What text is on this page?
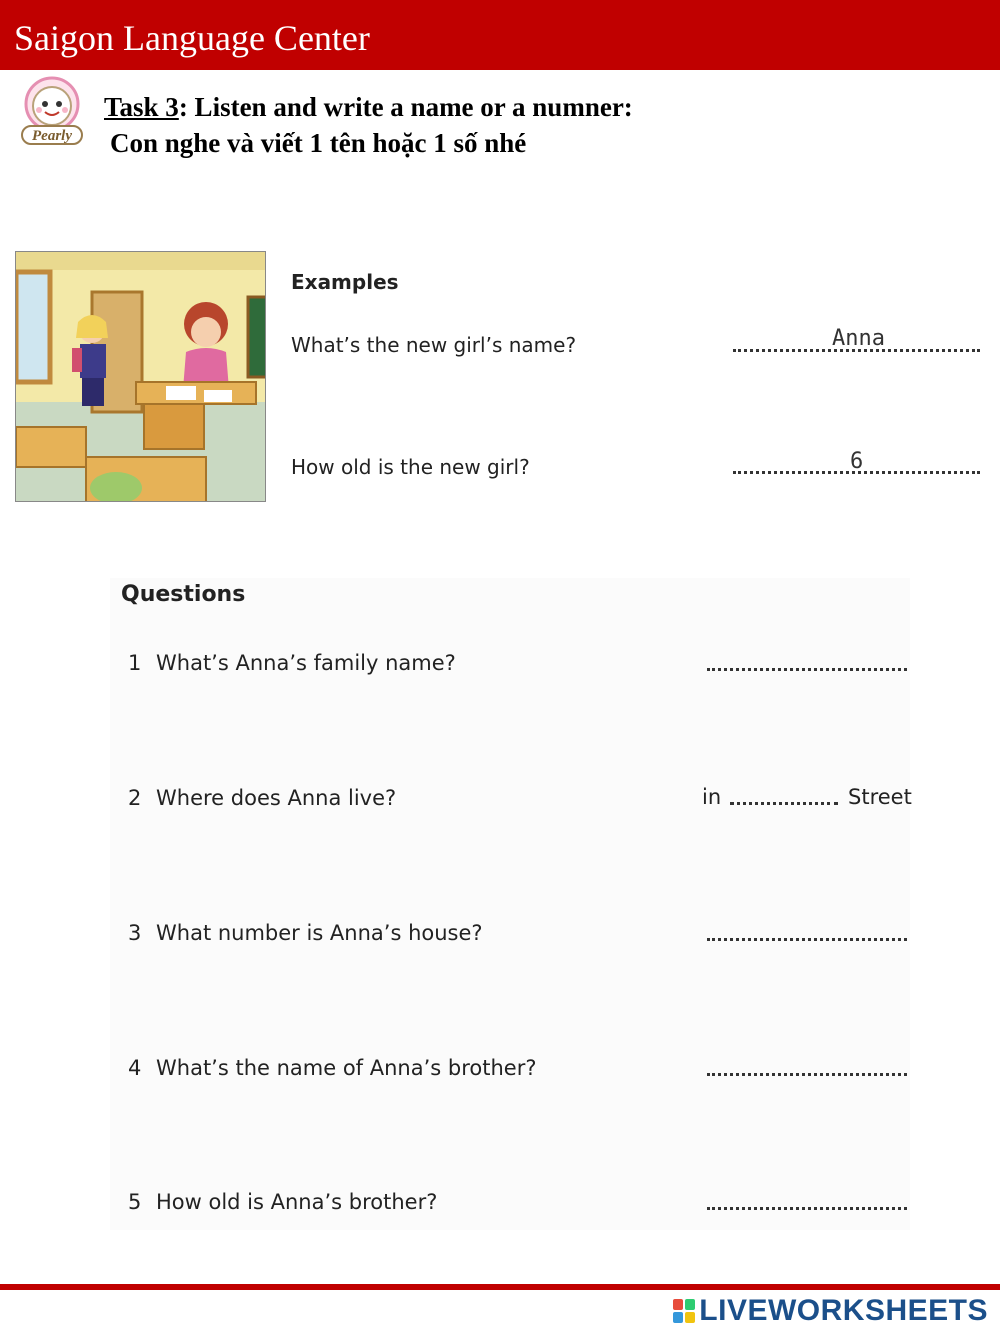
Saigon Language Center
Pearly
Task 3: Listen and write a name or a numner:
Con nghe và viết 1 tên hoặc 1 số nhé
Examples
What’s the new girl’s name?	Anna
How old is the new girl?	6
Questions
1 What’s Anna’s family name?
2 Where does Anna live?	in	Street
3 What number is Anna’s house?
4 What’s the name of Anna’s brother?
5 How old is Anna’s brother?
LIVEWORKSHEETS
